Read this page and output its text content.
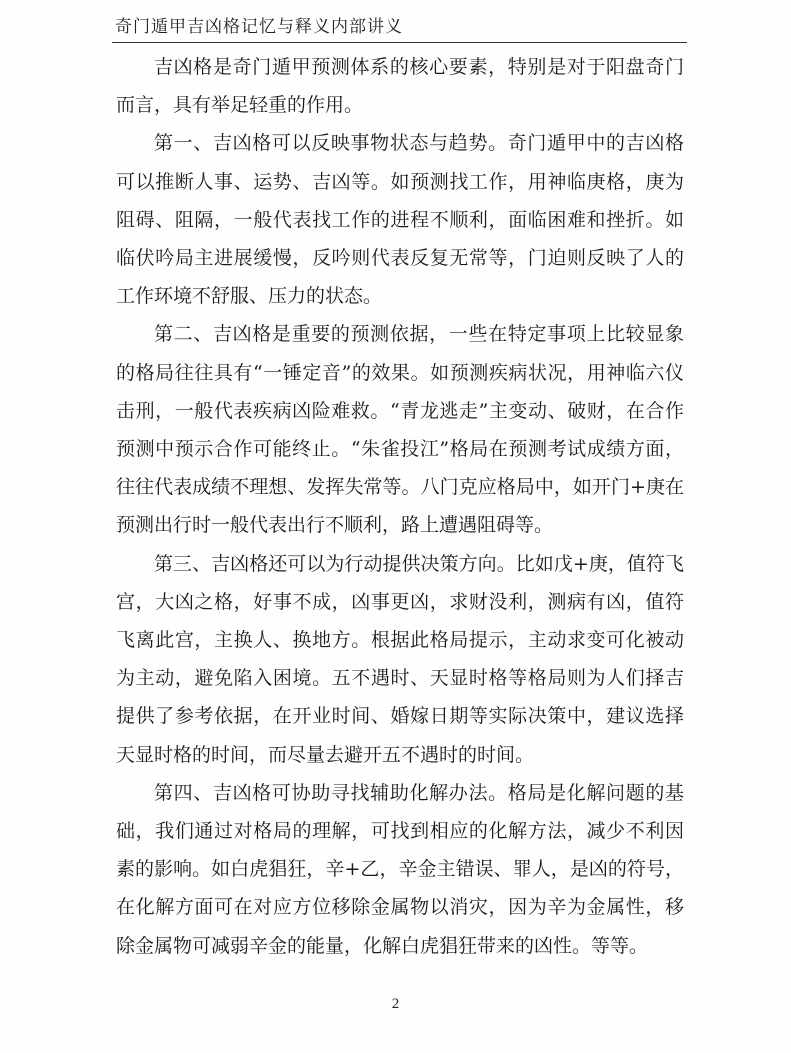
奇门遁甲吉凶格记忆与释义内部讲义

吉凶格是奇门遁甲预测体系的核心要素，特别是对于阳盘奇门而言，具有举足轻重的作用。

第一、吉凶格可以反映事物状态与趋势。奇门遁甲中的吉凶格可以推断人事、运势、吉凶等。如预测找工作，用神临庚格，庚为阻碍、阻隔，一般代表找工作的进程不顺利，面临困难和挫折。如临伏吟局主进展缓慢，反吟则代表反复无常等，门迫则反映了人的工作环境不舒服、压力的状态。

第二、吉凶格是重要的预测依据，一些在特定事项上比较显象的格局往往具有“一锤定音”的效果。如预测疾病状况，用神临六仪击刑，一般代表疾病凶险难救。“青龙逃走”主变动、破财，在合作预测中预示合作可能终止。“朱雀投江”格局在预测考试成绩方面，往往代表成绩不理想、发挥失常等。八门克应格局中，如开门+庚在预测出行时一般代表出行不顺利，路上遭遇阻碍等。

第三、吉凶格还可以为行动提供决策方向。比如戊+庚，值符飞宫，大凶之格，好事不成，凶事更凶，求财没利，测病有凶，值符飞离此宫，主换人、换地方。根据此格局提示，主动求变可化被动为主动，避免陷入困境。五不遇时、天显时格等格局则为人们择吉提供了参考依据，在开业时间、婚嫁日期等实际决策中，建议选择天显时格的时间，而尽量去避开五不遇时的时间。

第四、吉凶格可协助寻找辅助化解办法。格局是化解问题的基础，我们通过对格局的理解，可找到相应的化解方法，减少不利因素的影响。如白虎猖狂，辛+乙，辛金主错误、罪人，是凶的符号，在化解方面可在对应方位移除金属物以消灾，因为辛为金属性，移除金属物可减弱辛金的能量，化解白虎猖狂带来的凶性。等等。

2
